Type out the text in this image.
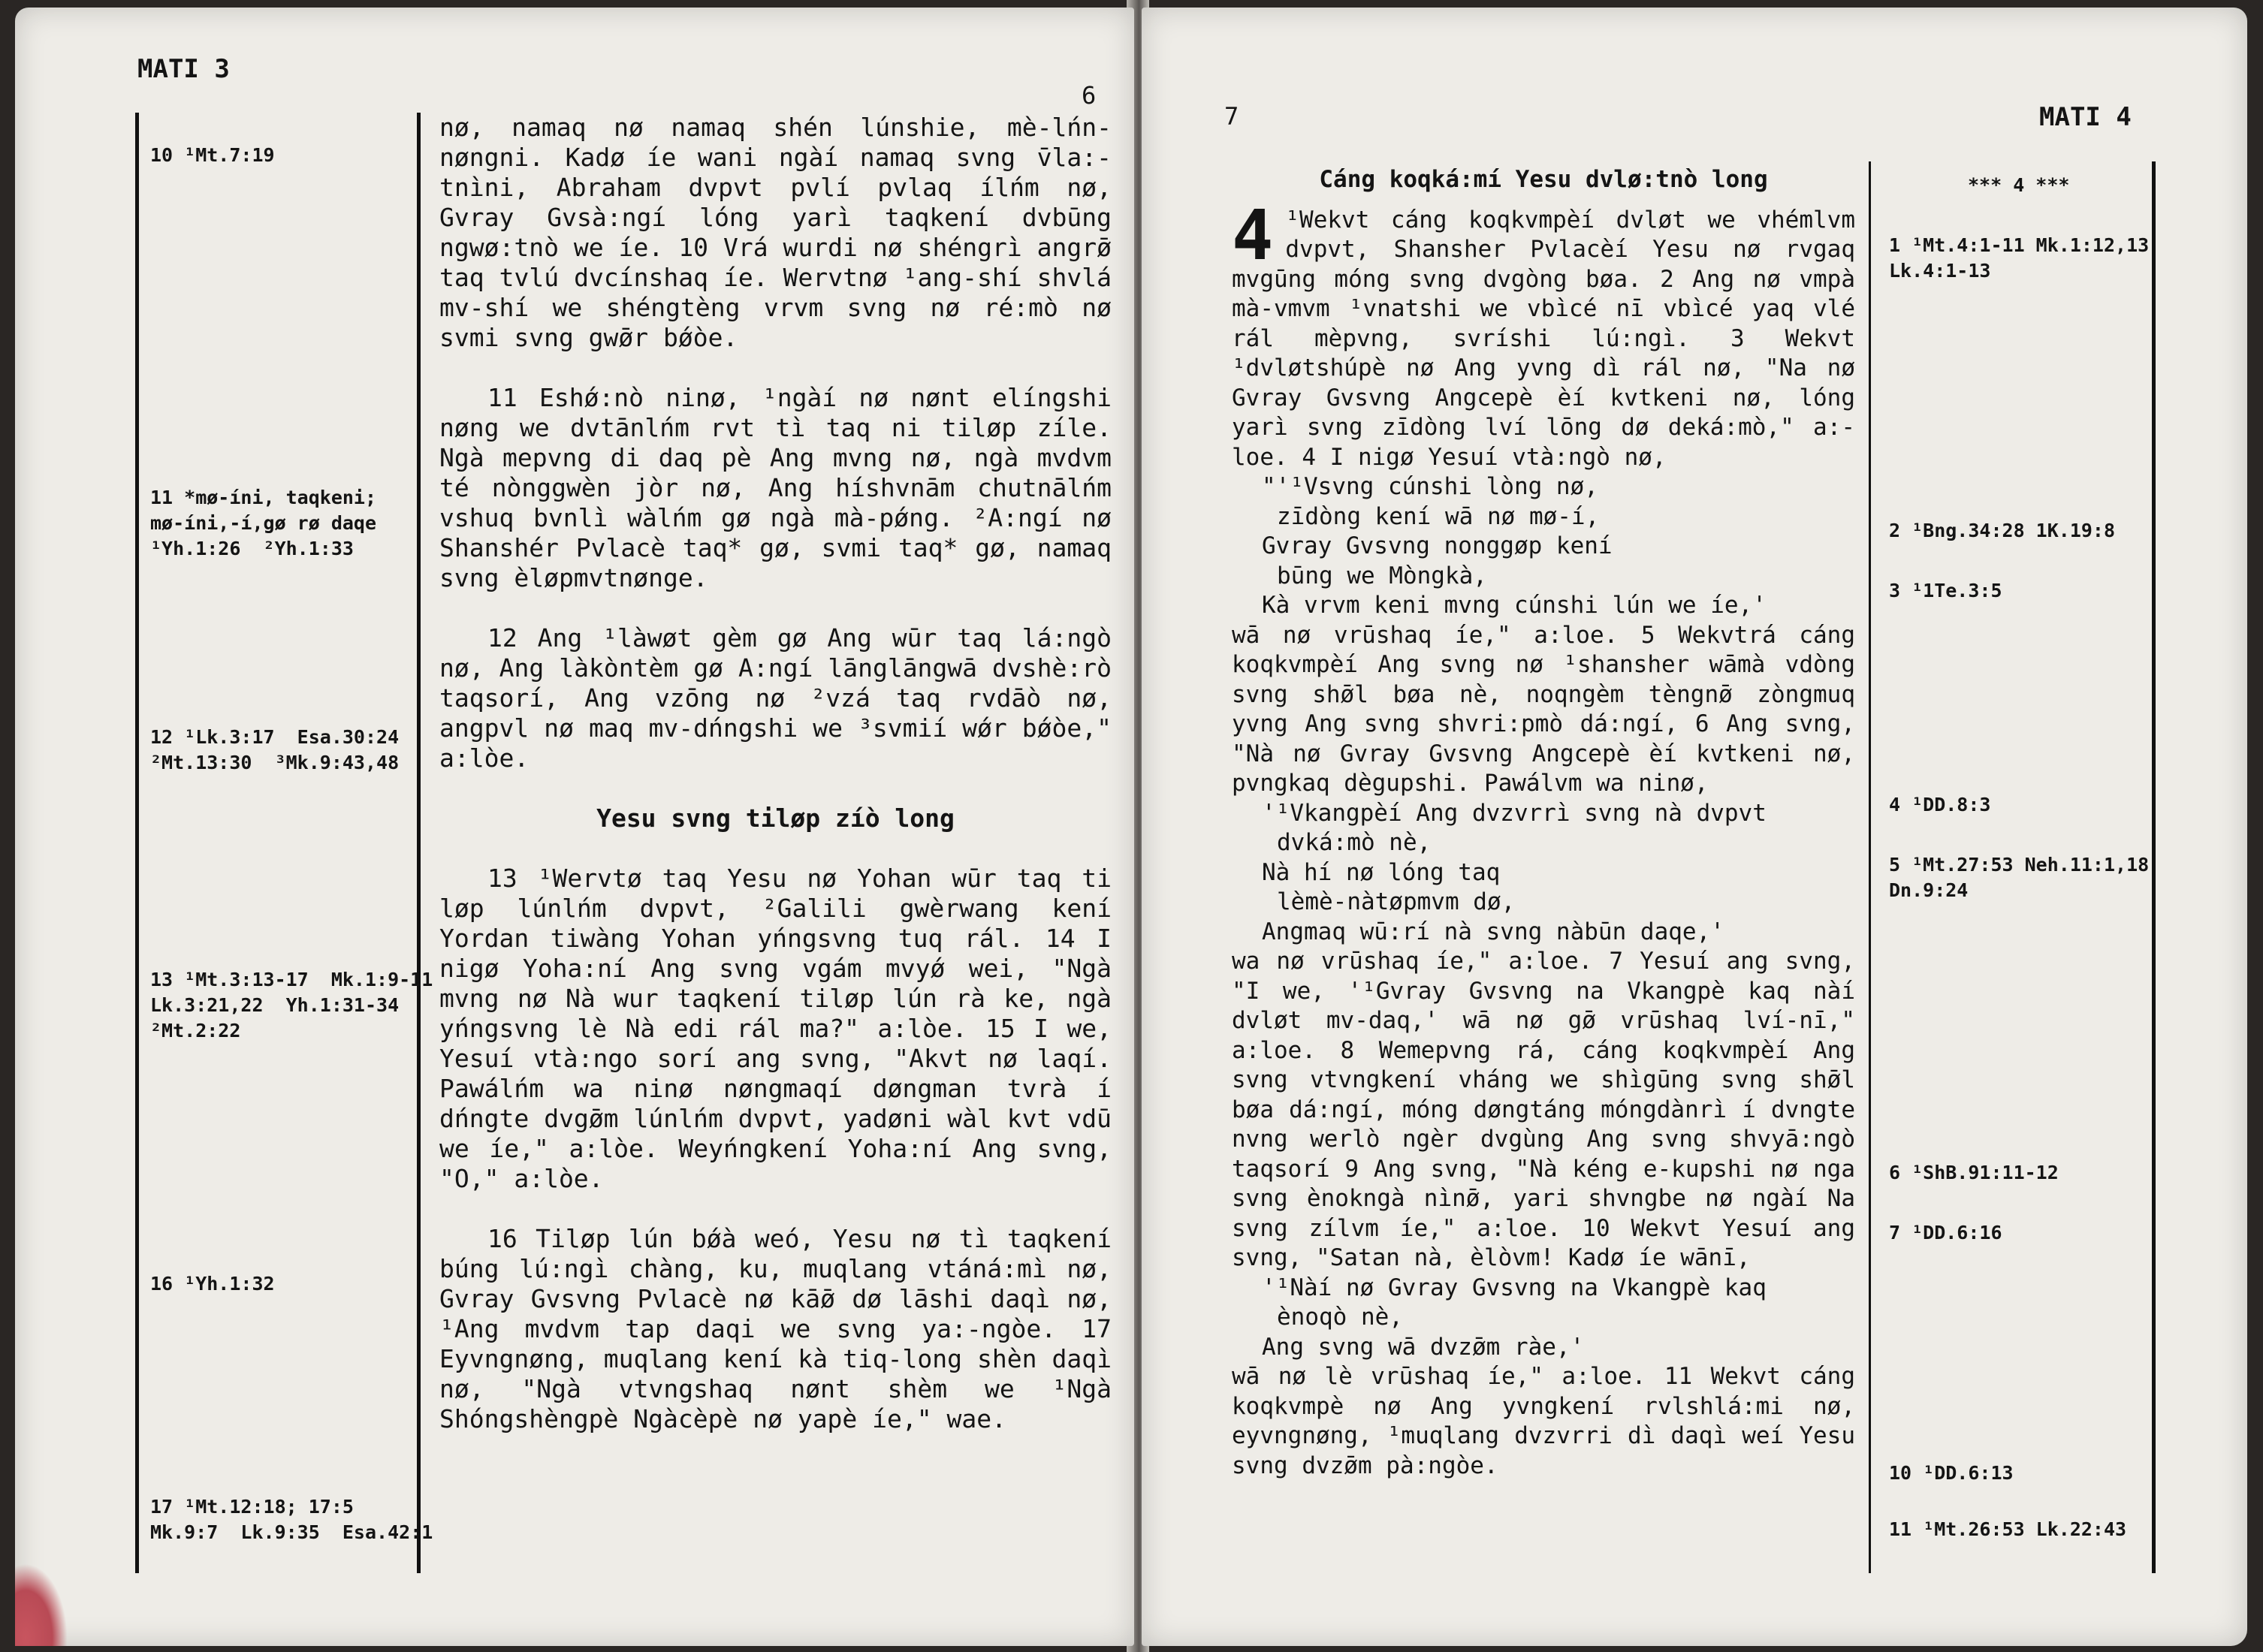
MATI 3
6
10 ¹Mt.7:19
11 *mø-íni, taqkeni;
mø-íni,-í,gø rø daqe
¹Yh.1:26  ²Yh.1:33
12 ¹Lk.3:17  Esa.30:24
²Mt.13:30  ³Mk.9:43,48
13 ¹Mt.3:13-17  Mk.1:9-11
Lk.3:21,22  Yh.1:31-34
²Mt.2:22
16 ¹Yh.1:32
17 ¹Mt.12:18; 17:5
Mk.9:7  Lk.9:35  Esa.42:1

nø, namaq nø namaq shén lúnshie, mè-lńn-nøngni. Kadø íe wani ngàí namaq svng v̄la:-tnìni, Abraham dvpvt pvlí pvlaq ílńm nø, Gvray Gvsà:ngí lóng yarì taqkení dvbūng ngwø:tnò we íe. 10 Vrá wurdi nø shéngrì angrø̄ taq tvlú dvcínshaq íe. Wervtnø ¹ang-shí shvlá mv-shí we shéngtèng vrvm svng nø ré:mò nø svmi svng gwø̄r bǿòe.

11 Eshǿ:nò ninø, ¹ngàí nø nønt elíngshi nøng we dvtānlńm rvt tì taq ni tiløp zíle. Ngà mepvng di daq pè Ang mvng nø, ngà mvdvm té nònggwèn jòr nø, Ang híshvnām chutnālńm vshuq bvnlì wàlńm gø ngà mà-pǿng. ²A:ngí nø Shanshér Pvlacè taq* gø, svmi taq* gø, namaq svng èløpmvtnønge.

12 Ang ¹làwøt gèm gø Ang wūr taq lá:ngò nø, Ang làkòntèm gø A:ngí lānglāngwā dvshè:rò taqsorí, Ang vzōng nø ²vzá taq rvdāò nø, angpvl nø maq mv-dńngshi we ³svmií wǿr bǿòe," a:lòe.

Yesu svng tiløp zíò long

13 ¹Wervtø taq Yesu nø Yohan wūr taq ti løp lúnlńm dvpvt, ²Galili gwèrwang kení Yordan tiwàng Yohan yńngsvng tuq rál. 14 I nigø Yoha:ní Ang svng vgám mvyǿ wei, "Ngà mvng nø Nà wur taqkení tiløp lún rà ke, ngà yńngsvng lè Nà edi rál ma?" a:lòe. 15 I we, Yesuí vtà:ngo sorí ang svng, "Akvt nø laqí. Pawálńm wa ninø nøngmaqí døngman tvrà í dńngte dvgø̄m lúnlńm dvpvt, yadøni wàl kvt vdū we íe," a:lòe. Weyńngkení Yoha:ní Ang svng, "O," a:lòe.

16 Tiløp lún bǿà weó, Yesu nø tì taqkení búng lú:ngì chàng, ku, muqlang vtáná:mì nø, Gvray Gvsvng Pvlacè nø kā̄ø dø lāshi daqì nø, ¹Ang mvdvm tap daqi we svng ya:-ngòe. 17 Eyvngnøng, muqlang kení kà tiq-long shèn daqì nø, "Ngà vtvngshaq nønt shèm we ¹Ngà Shóngshèngpè Ngàcèpè nø yapè íe," wae.

7	MATI 4
*** 4 ***
1 ¹Mt.4:1-11 Mk.1:12,13
Lk.4:1-13
2 ¹Bng.34:28 1K.19:8
3 ¹1Te.3:5
4 ¹DD.8:3
5 ¹Mt.27:53 Neh.11:1,18
Dn.9:24
6 ¹ShB.91:11-12
7 ¹DD.6:16
10 ¹DD.6:13
11 ¹Mt.26:53 Lk.22:43
Cáng koqká:mí Yesu dvlø:tnò long

4 ¹Wekvt cáng koqkvmpèí dvløt we vhémlvm dvpvt, Shansher Pvlacèí Yesu nø rvgaq mvgūng móng svng dvgòng bøa. 2 Ang nø vmpà mà-vmvm ¹vnatshi we vbìcé nī vbìcé yaq vlé rál mèpvng, svríshi lú:ngì. 3 Wekvt ¹dvløtshúpè nø Ang yvng dì rál nø, "Na nø Gvray Gvsvng Angcepè èí kvtkeni nø, lóng yarì svng zīdòng lví lōng dø deká:mò," a:-loe. 4 I nigø Yesuí vtà:ngò nø,

"'¹Vsvng cúnshi lòng nø,

zīdòng kení wā nø mø-í,

Gvray Gvsvng nonggøp kení

būng we Mòngkà,

Kà vrvm keni mvng cúnshi lún we íe,'

wā nø vrūshaq íe," a:loe. 5 Wekvtrá cáng koqkvmpèí Ang svng nø ¹shansher wāmà vdòng svng shø̄l bøa nè, noqngèm tèngnø̄ zòngmuq yvng Ang svng shvri:pmò dá:ngí, 6 Ang svng, "Nà nø Gvray Gvsvng Angcepè èí kvtkeni nø, pvngkaq dègupshi. Pawálvm wa ninø,

'¹Vkangpèí Ang dvzvrrì svng nà dvpvt

dvká:mò nè,

Nà hí nø lóng taq

lèmè-nàtøpmvm dø,

Angmaq wū:rí nà svng nàbūn daqe,'

wa nø vrūshaq íe," a:loe. 7 Yesuí ang svng, "I we, '¹Gvray Gvsvng na Vkangpè kaq nàí dvløt mv-daq,' wā nø gø̄ vrūshaq lví-nī," a:loe. 8 Wemepvng rá, cáng koqkvmpèí Ang svng vtvngkení vháng we shìgūng svng shø̄l bøa dá:ngí, móng døngtáng móngdànrì í dvngte nvng werlò ngèr dvgùng Ang svng shvyā:ngò taqsorí 9 Ang svng, "Nà kéng e-kupshi nø nga svng ènokngà nìnø̄, yari shvngbe nø ngàí Na svng zílvm íe," a:loe. 10 Wekvt Yesuí ang svng, "Satan nà, èlòvm! Kadø íe wānī,

'¹Nàí nø Gvray Gvsvng na Vkangpè kaq

ènoqò nè,

Ang svng wā dvzø̄m ràe,'

wā nø lè vrūshaq íe," a:loe. 11 Wekvt cáng koqkvmpè nø Ang yvngkení rvlshlá:mi nø, eyvngnøng, ¹muqlang dvzvrri dì daqì weí Yesu svng dvzø̄m pà:ngòe.
